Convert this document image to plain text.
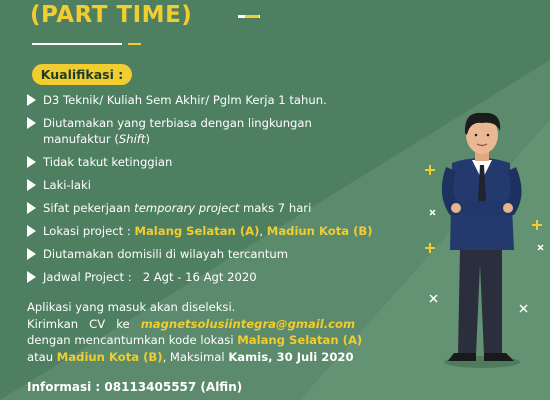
(PART TIME)
Kualifikasi :
D3 Teknik/ Kuliah Sem Akhir/ Pglm Kerja 1 tahun.
Diutamakan yang terbiasa dengan lingkungan
manufaktur (Shift)
Tidak takut ketinggian
Laki-laki
Sifat pekerjaan temporary project maks 7 hari
Lokasi project : Malang Selatan (A), Madiun Kota (B)
Diutamakan domisili di wilayah tercantum
Jadwal Project :   2 Agt - 16 Agt 2020
Aplikasi yang masuk akan diseleksi.
Kirimkan   CV   ke   magnetsolusiintegra@gmail.com
dengan mencantumkan kode lokasi Malang Selatan (A)
atau Madiun Kota (B), Maksimal Kamis, 30 Juli 2020
Informasi : 08113405557 (Alfin)
